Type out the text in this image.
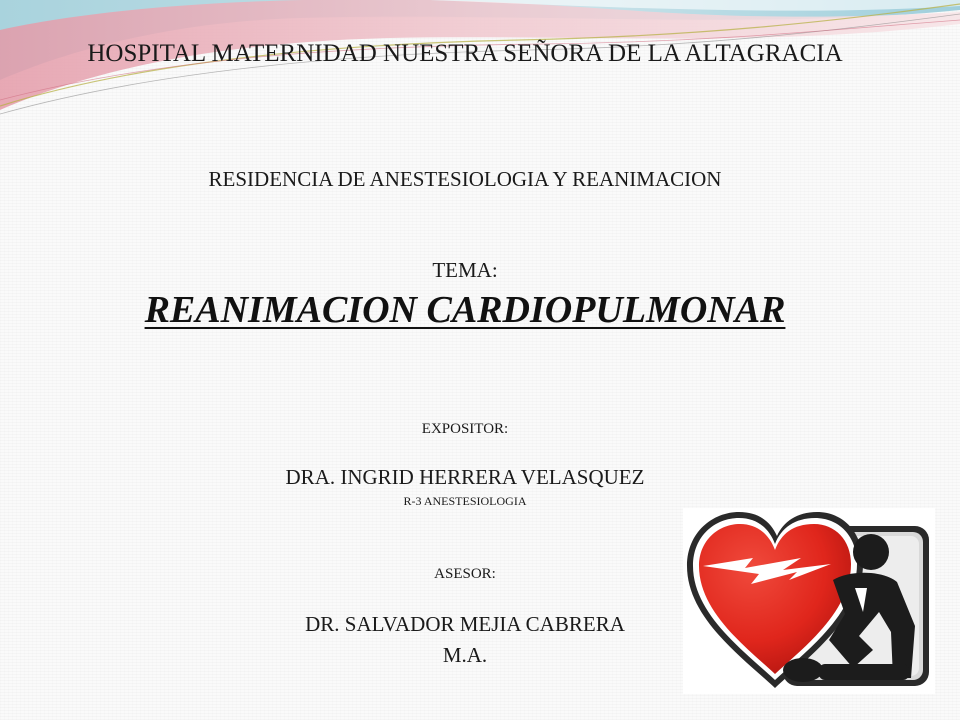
HOSPITAL MATERNIDAD NUESTRA SEÑORA DE LA ALTAGRACIA
RESIDENCIA DE ANESTESIOLOGIA Y REANIMACION
TEMA:
REANIMACION CARDIOPULMONAR
EXPOSITOR:
DRA. INGRID HERRERA VELASQUEZ
R-3 ANESTESIOLOGIA
ASESOR:
DR. SALVADOR MEJIA CABRERA
M.A.
